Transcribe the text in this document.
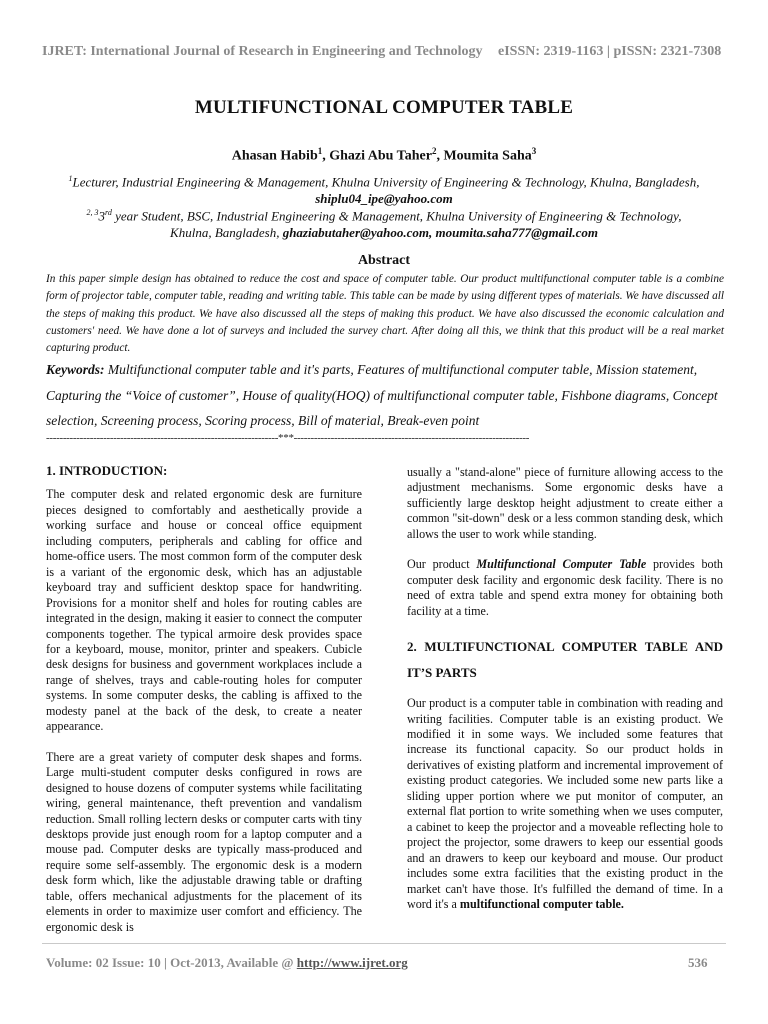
IJRET: International Journal of Research in Engineering and Technology eISSN: 2319-1163 | pISSN: 2321-7308
MULTIFUNCTIONAL COMPUTER TABLE
Ahasan Habib$^1$, Ghazi Abu Taher$^2$, Moumita Saha$^3$
$^1$Lecturer, Industrial Engineering & Management, Khulna University of Engineering & Technology, Khulna, Bangladesh,
shiplu04_ipe@yahoo.com
$^{2, 3}$3rd year Student, BSC, Industrial Engineering & Management, Khulna University of Engineering & Technology,
Khulna, Bangladesh, ghaziabutaher@yahoo.com, moumita.saha777@gmail.com
Abstract
In this paper simple design has obtained to reduce the cost and space of computer table. Our product multifunctional computer table is a combine form of projector table, computer table, reading and writing table. This table can be made by using different types of materials. We have discussed all the steps of making this product. We have also discussed all the steps of making this product. We have also discussed the economic calculation and customers' need. We have done a lot of surveys and included the survey chart. After doing all this, we think that this product will be a real market capturing product.
Keywords: Multifunctional computer table and it's parts, Features of multifunctional computer table, Mission statement, Capturing the “Voice of customer”, House of quality(HOQ) of multifunctional computer table, Fishbone diagrams, Concept selection, Screening process, Scoring process, Bill of material, Break-even point
---------------------------------------------------------------------***----------------------------------------------------------------------

1. INTRODUCTION:

The computer desk and related ergonomic desk are furniture pieces designed to comfortably and aesthetically provide a working surface and house or conceal office equipment including computers, peripherals and cabling for office and home-office users. The most common form of the computer desk is a variant of the ergonomic desk, which has an adjustable keyboard tray and sufficient desktop space for handwriting. Provisions for a monitor shelf and holes for routing cables are integrated in the design, making it easier to connect the computer components together. The typical armoire desk provides space for a keyboard, mouse, monitor, printer and speakers. Cubicle desk designs for business and government workplaces include a range of shelves, trays and cable-routing holes for computer systems. In some computer desks, the cabling is affixed to the modesty panel at the back of the desk, to create a neater appearance.

There are a great variety of computer desk shapes and forms. Large multi-student computer desks configured in rows are designed to house dozens of computer systems while facilitating wiring, general maintenance, theft prevention and vandalism reduction. Small rolling lectern desks or computer carts with tiny desktops provide just enough room for a laptop computer and a mouse pad. Computer desks are typically mass-produced and require some self-assembly. The ergonomic desk is a modern desk form which, like the adjustable drawing table or drafting table, offers mechanical adjustments for the placement of its elements in order to maximize user comfort and efficiency. The ergonomic desk is

usually a "stand-alone" piece of furniture allowing access to the adjustment mechanisms. Some ergonomic desks have a sufficiently large desktop height adjustment to create either a common "sit-down" desk or a less common standing desk, which allows the user to work while standing.

Our product Multifunctional Computer Table provides both computer desk facility and ergonomic desk facility. There is no need of extra table and spend extra money for obtaining both facility at a time.

2. MULTIFUNCTIONAL COMPUTER TABLE AND IT’S PARTS

Our product is a computer table in combination with reading and writing facilities. Computer table is an existing product. We modified it in some ways. We included some features that increase its functional capacity. So our product holds in derivatives of existing platform and incremental improvement of existing product categories. We included some new parts like a sliding upper portion where we put monitor of computer, an external flat portion to write something when we uses computer, a cabinet to keep the projector and a moveable reflecting hole to project the projector, some drawers to keep our essential goods and an drawers to keep our keyboard and mouse. Our product includes some extra facilities that the existing product in the market can't have those. It's fulfilled the demand of time. In a word it's a multifunctional computer table.

Volume: 02 Issue: 10 | Oct-2013, Available @ http://www.ijret.org	536
